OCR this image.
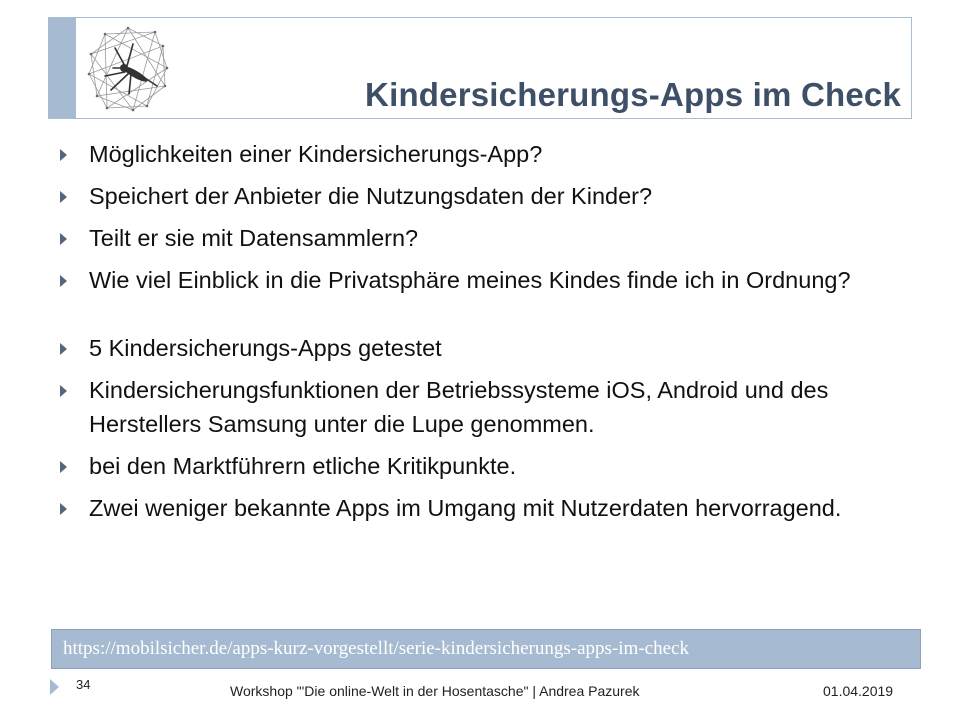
Kindersicherungs-Apps im Check
Möglichkeiten einer Kindersicherungs-App?
Speichert der Anbieter die Nutzungsdaten der Kinder?
Teilt er sie mit Datensammlern?
Wie viel Einblick in die Privatsphäre meines Kindes finde ich in Ordnung?
5 Kindersicherungs-Apps getestet
Kindersicherungsfunktionen der Betriebssysteme iOS, Android und des Herstellers Samsung unter die Lupe genommen.
bei den Marktführern etliche Kritikpunkte.
Zwei weniger bekannte Apps im Umgang mit Nutzerdaten hervorragend.
https://mobilsicher.de/apps-kurz-vorgestellt/serie-kindersicherungs-apps-im-check
34	Workshop "'Die online-Welt in der Hosentasche" | Andrea Pazurek	01.04.2019
